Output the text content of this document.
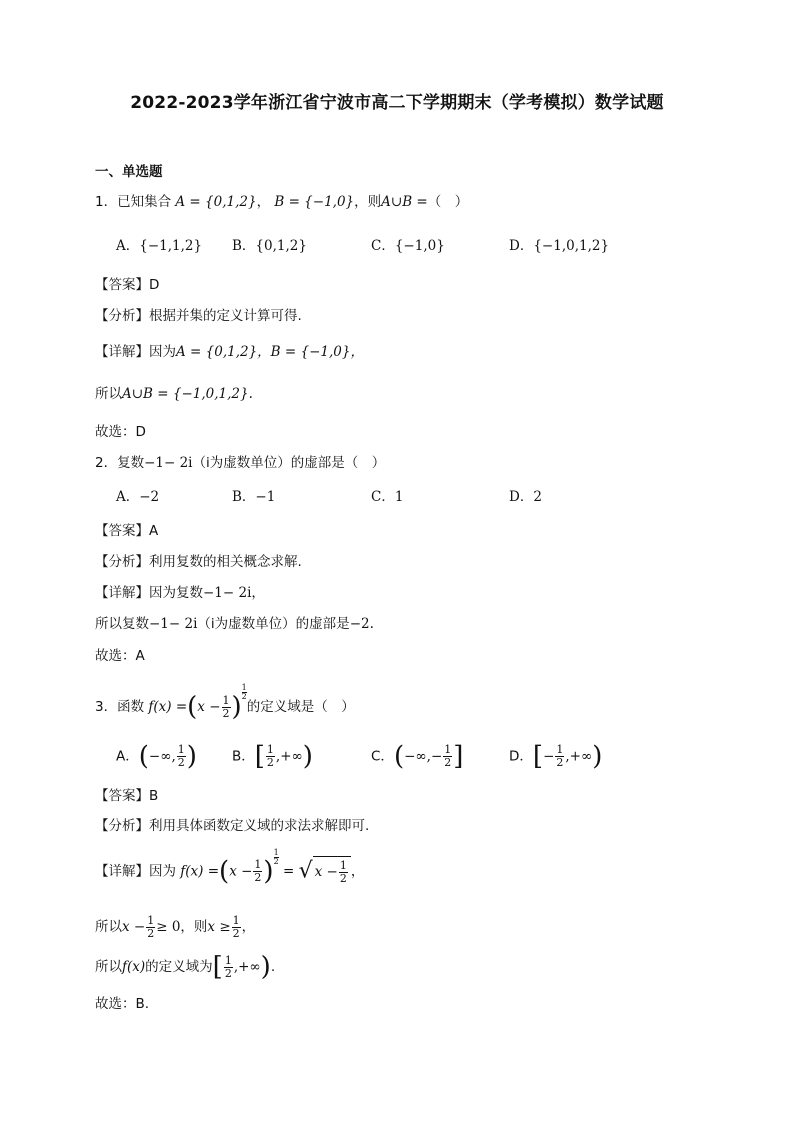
2022-2023学年浙江省宁波市高二下学期期末（学考模拟）数学试题
一、单选题
1．已知集合 A = {0,1,2}， B = {−1,0}，则A∪B =（　）
A．{−1,1,2} B．{0,1,2}	C．{−1,0}	D．{−1,0,1,2}
【答案】D
【分析】根据并集的定义计算可得.
【详解】因为A = {0,1,2}，B = {−1,0}，
所以A∪B = {−1,0,1,2}.
故选：D
2．复数−1− 2i（i为虚数单位）的虚部是（　）
A．−2	B．−1	C．1	D．2
【答案】A
【分析】利用复数的相关概念求解.
【详解】因为复数−1− 2i，
所以复数−1− 2i（i为虚数单位）的虚部是−2.
故选：A
3．函数 $f(x) =(x - \frac{1}{2}$ ) $\frac{1}{2}$的定义域是（　）
A．(−∞, $\frac{1}{2}$ )	B．[ $\frac{1}{2}$ ,+∞)	C．(−∞,− $\frac{1}{2}$ ]	D．[− $\frac{1}{2}$ ,+∞)
【答案】B
【分析】利用具体函数定义域的求法求解即可.
【详解】因为 $f(x) =(x - \frac{1}{2}$ ) $\frac{1}{2}$ = √ $x - \frac{1}{2}$ ，
所以$x - \frac{1}{2} \ge 0$，则$x \ge \frac{1}{2}$ ，
所以f(x)的定义域为[ $\frac{1}{2}$ ,+∞).
故选：B.
